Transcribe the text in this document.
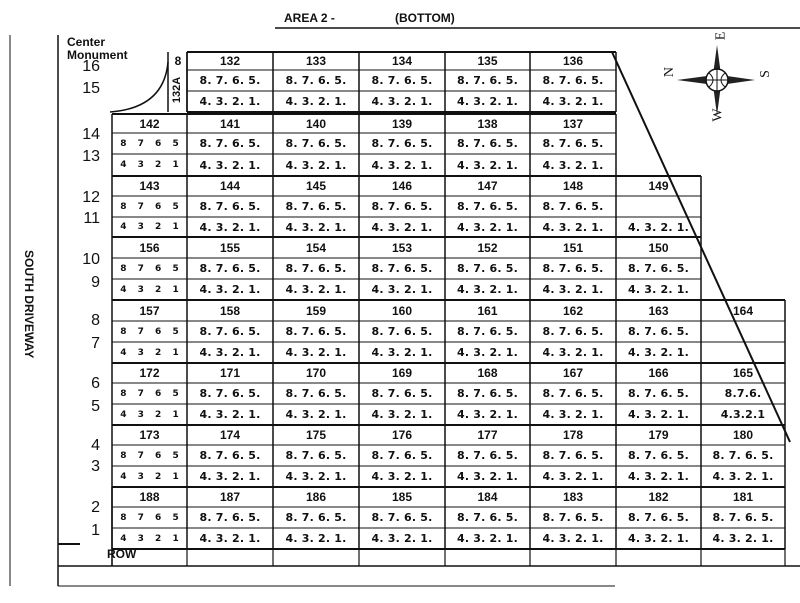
AREA 2 -	(BOTTOM)
SOUTH DRIVEWAY
Center
Monument
ROW
E
N	S
W
8
132A
16
15
14
13
12
11
10
9
8
7
6
5
4
3
2
1
132
8. 7. 6. 5.
4. 3. 2. 1.
133
8. 7. 6. 5.
4. 3. 2. 1.
134
8. 7. 6. 5.
4. 3. 2. 1.
135
8. 7. 6. 5.
4. 3. 2. 1.
136
8. 7. 6. 5.
4. 3. 2. 1.
142
8 7 6 5
4 3 2 1
141
8. 7. 6. 5.
4. 3. 2. 1.
140
8. 7. 6. 5.
4. 3. 2. 1.
139
8. 7. 6. 5.
4. 3. 2. 1.
138
8. 7. 6. 5.
4. 3. 2. 1.
137
8. 7. 6. 5.
4. 3. 2. 1.
143
8 7 6 5
4 3 2 1
144
8. 7. 6. 5.
4. 3. 2. 1.
145
8. 7. 6. 5.
4. 3. 2. 1.
146
8. 7. 6. 5.
4. 3. 2. 1.
147
8. 7. 6. 5.
4. 3. 2. 1.
148
8. 7. 6. 5.
4. 3. 2. 1.
149
4. 3. 2. 1.
156
8 7 6 5
4 3 2 1
155
8. 7. 6. 5.
4. 3. 2. 1.
154
8. 7. 6. 5.
4. 3. 2. 1.
153
8. 7. 6. 5.
4. 3. 2. 1.
152
8. 7. 6. 5.
4. 3. 2. 1.
151
8. 7. 6. 5.
4. 3. 2. 1.
150
8. 7. 6. 5.
4. 3. 2. 1.
157
8 7 6 5
4 3 2 1
158
8. 7. 6. 5.
4. 3. 2. 1.
159
8. 7. 6. 5.
4. 3. 2. 1.
160
8. 7. 6. 5.
4. 3. 2. 1.
161
8. 7. 6. 5.
4. 3. 2. 1.
162
8. 7. 6. 5.
4. 3. 2. 1.
163
8. 7. 6. 5.
4. 3. 2. 1.
164
172
8 7 6 5
4 3 2 1
171
8. 7. 6. 5.
4. 3. 2. 1.
170
8. 7. 6. 5.
4. 3. 2. 1.
169
8. 7. 6. 5.
4. 3. 2. 1.
168
8. 7. 6. 5.
4. 3. 2. 1.
167
8. 7. 6. 5.
4. 3. 2. 1.
166
8. 7. 6. 5.
4. 3. 2. 1.
165
8.7.6.
4.3.2.1
173
8 7 6 5
4 3 2 1
174
8. 7. 6. 5.
4. 3. 2. 1.
175
8. 7. 6. 5.
4. 3. 2. 1.
176
8. 7. 6. 5.
4. 3. 2. 1.
177
8. 7. 6. 5.
4. 3. 2. 1.
178
8. 7. 6. 5.
4. 3. 2. 1.
179
8. 7. 6. 5.
4. 3. 2. 1.
180
8. 7. 6. 5.
4. 3. 2. 1.
188
8 7 6 5
4 3 2 1
187
8. 7. 6. 5.
4. 3. 2. 1.
186
8. 7. 6. 5.
4. 3. 2. 1.
185
8. 7. 6. 5.
4. 3. 2. 1.
184
8. 7. 6. 5.
4. 3. 2. 1.
183
8. 7. 6. 5.
4. 3. 2. 1.
182
8. 7. 6. 5.
4. 3. 2. 1.
181
8. 7. 6. 5.
4. 3. 2. 1.
